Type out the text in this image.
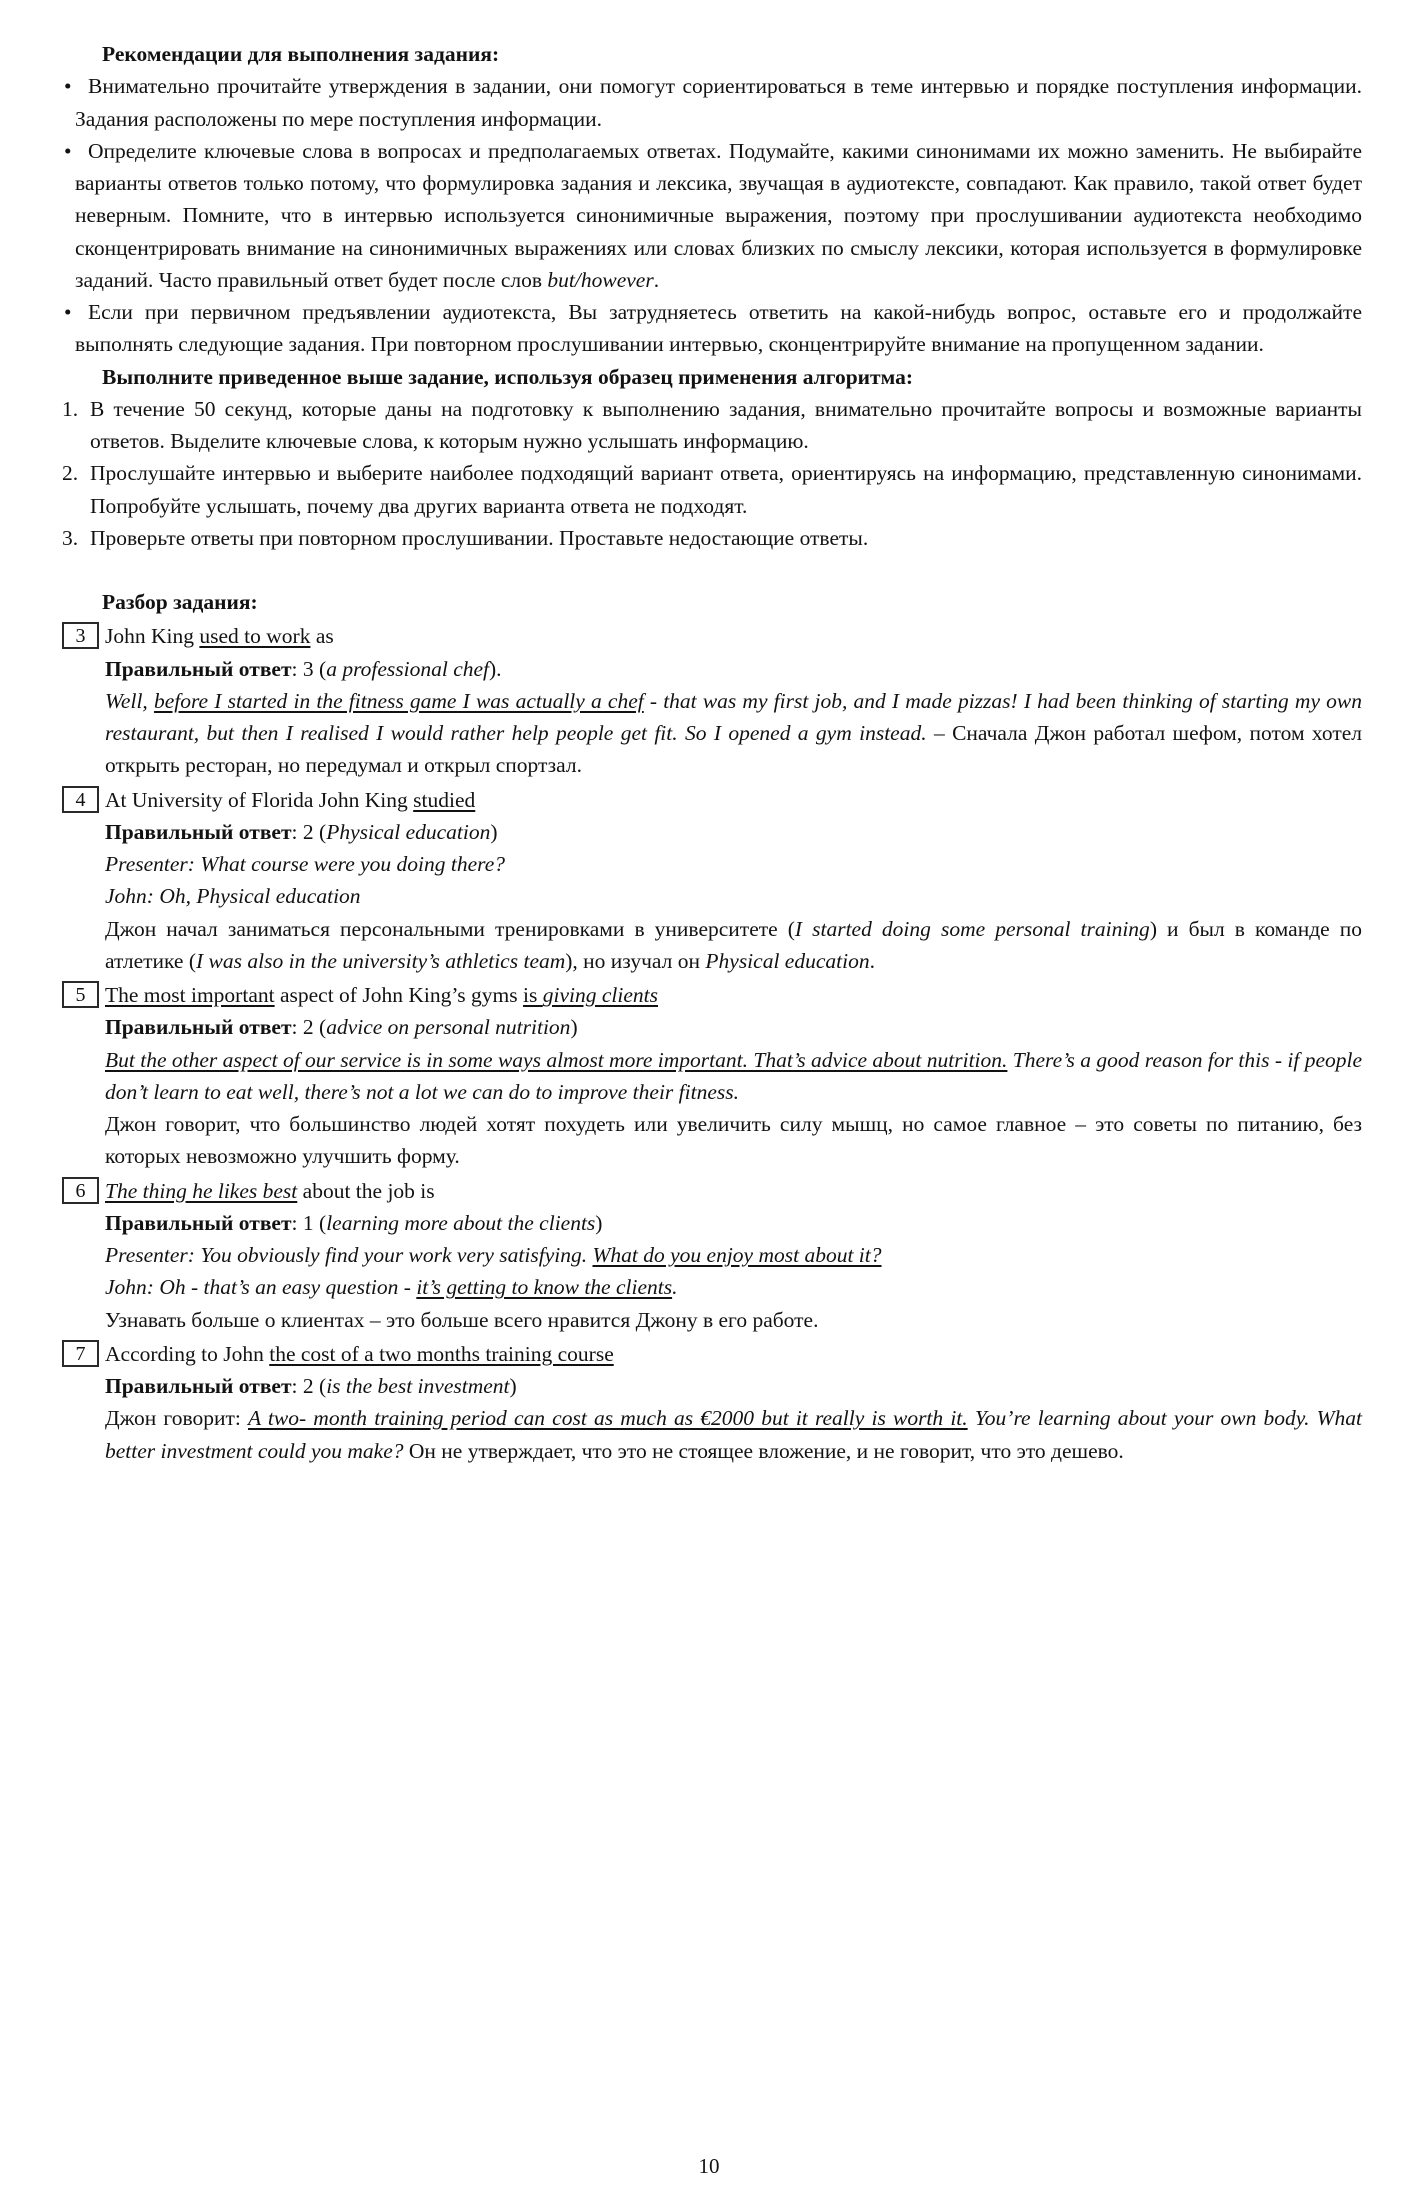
Рекомендации для выполнения задания:
• Внимательно прочитайте утверждения в задании, они помогут сориентироваться в теме интервью и порядке поступления информации. Задания расположены по мере поступления информации.
• Определите ключевые слова в вопросах и предполагаемых ответах. Подумайте, какими синонимами их можно заменить. Не выбирайте варианты ответов только потому, что формулировка задания и лексика, звучащая в аудиотексте, совпадают. Как правило, такой ответ будет неверным. Помните, что в интервью используется синонимичные выражения, поэтому при прослушивании аудиотекста необходимо сконцентрировать внимание на синонимичных выражениях или словах близких по смыслу лексики, которая используется в формулировке заданий. Часто правильный ответ будет после слов but/however.
• Если при первичном предъявлении аудиотекста, Вы затрудняетесь ответить на какой-нибудь вопрос, оставьте его и продолжайте выполнять следующие задания. При повторном прослушивании интервью, сконцентрируйте внимание на пропущенном задании.
Выполните приведенное выше задание, используя образец применения алгоритма:
1. В течение 50 секунд, которые даны на подготовку к выполнению задания, внимательно прочитайте вопросы и возможные варианты ответов. Выделите ключевые слова, к которым нужно услышать информацию.
2. Прослушайте интервью и выберите наиболее подходящий вариант ответа, ориентируясь на информацию, представленную синонимами. Попробуйте услышать, почему два других варианта ответа не подходят.
3. Проверьте ответы при повторном прослушивании. Проставьте недостающие ответы.
Разбор задания:
3 John King used to work as
Правильный ответ: 3 (a professional chef).
Well, before I started in the fitness game I was actually a chef - that was my first job, and I made pizzas! I had been thinking of starting my own restaurant, but then I realised I would rather help people get fit. So I opened a gym instead. – Сначала Джон работал шефом, потом хотел открыть ресторан, но передумал и открыл спортзал.
4 At University of Florida John King studied
Правильный ответ: 2 (Physical education)
Presenter: What course were you doing there?
John: Oh, Physical education
Джон начал заниматься персональными тренировками в университете (I started doing some personal training) и был в команде по атлетике (I was also in the university’s athletics team), но изучал он Physical education.
5 The most important aspect of John King’s gyms is giving clients
Правильный ответ: 2 (advice on personal nutrition)
But the other aspect of our service is in some ways almost more important. That’s advice about nutrition. There’s a good reason for this - if people don’t learn to eat well, there’s not a lot we can do to improve their fitness.
Джон говорит, что большинство людей хотят похудеть или увеличить силу мышц, но самое главное – это советы по питанию, без которых невозможно улучшить форму.
6 The thing he likes best about the job is
Правильный ответ: 1 (learning more about the clients)
Presenter: You obviously find your work very satisfying. What do you enjoy most about it?
John: Oh - that’s an easy question - it’s getting to know the clients.
Узнавать больше о клиентах – это больше всего нравится Джону в его работе.
7 According to John the cost of a two months training course
Правильный ответ: 2 (is the best investment)
Джон говорит: A two- month training period can cost as much as €2000 but it really is worth it. You’re learning about your own body. What better investment could you make? Он не утверждает, что это не стоящее вложение, и не говорит, что это дешево.
10
